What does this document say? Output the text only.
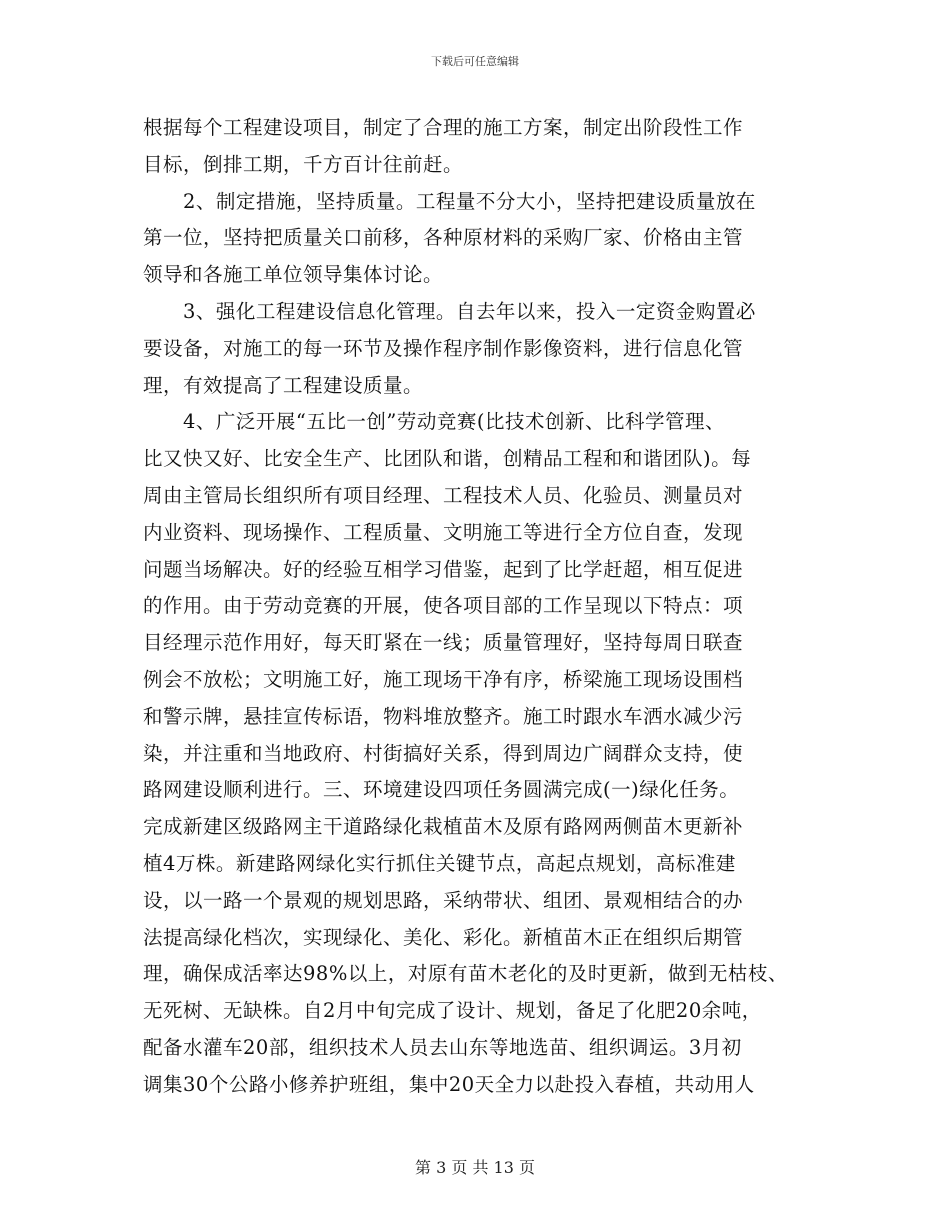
下载后可任意编辑
根据每个工程建设项目，制定了合理的施工方案，制定出阶段性工作
目标，倒排工期，千方百计往前赶。
　　2、制定措施，坚持质量。工程量不分大小，坚持把建设质量放在
第一位，坚持把质量关口前移，各种原材料的采购厂家、价格由主管
领导和各施工单位领导集体讨论。
　　3、强化工程建设信息化管理。自去年以来，投入一定资金购置必
要设备，对施工的每一环节及操作程序制作影像资料，进行信息化管
理，有效提高了工程建设质量。
　　4、广泛开展“五比一创”劳动竞赛(比技术创新、比科学管理、
比又快又好、比安全生产、比团队和谐，创精品工程和和谐团队)。每
周由主管局长组织所有项目经理、工程技术人员、化验员、测量员对
内业资料、现场操作、工程质量、文明施工等进行全方位自查，发现
问题当场解决。好的经验互相学习借鉴，起到了比学赶超，相互促进
的作用。由于劳动竞赛的开展，使各项目部的工作呈现以下特点：项
目经理示范作用好，每天盯紧在一线；质量管理好，坚持每周日联查
例会不放松；文明施工好，施工现场干净有序，桥梁施工现场设围档
和警示牌，悬挂宣传标语，物料堆放整齐。施工时跟水车洒水减少污
染，并注重和当地政府、村街搞好关系，得到周边广阔群众支持，使
路网建设顺利进行。三、环境建设四项任务圆满完成(一)绿化任务。
完成新建区级路网主干道路绿化栽植苗木及原有路网两侧苗木更新补
植4万株。新建路网绿化实行抓住关键节点，高起点规划，高标准建
设，以一路一个景观的规划思路，采纳带状、组团、景观相结合的办
法提高绿化档次，实现绿化、美化、彩化。新植苗木正在组织后期管
理，确保成活率达98%以上，对原有苗木老化的及时更新，做到无枯枝、
无死树、无缺株。自2月中旬完成了设计、规划，备足了化肥20余吨，
配备水灌车20部，组织技术人员去山东等地选苗、组织调运。3月初
调集30个公路小修养护班组，集中20天全力以赴投入春植，共动用人
第 3 页 共 13 页
